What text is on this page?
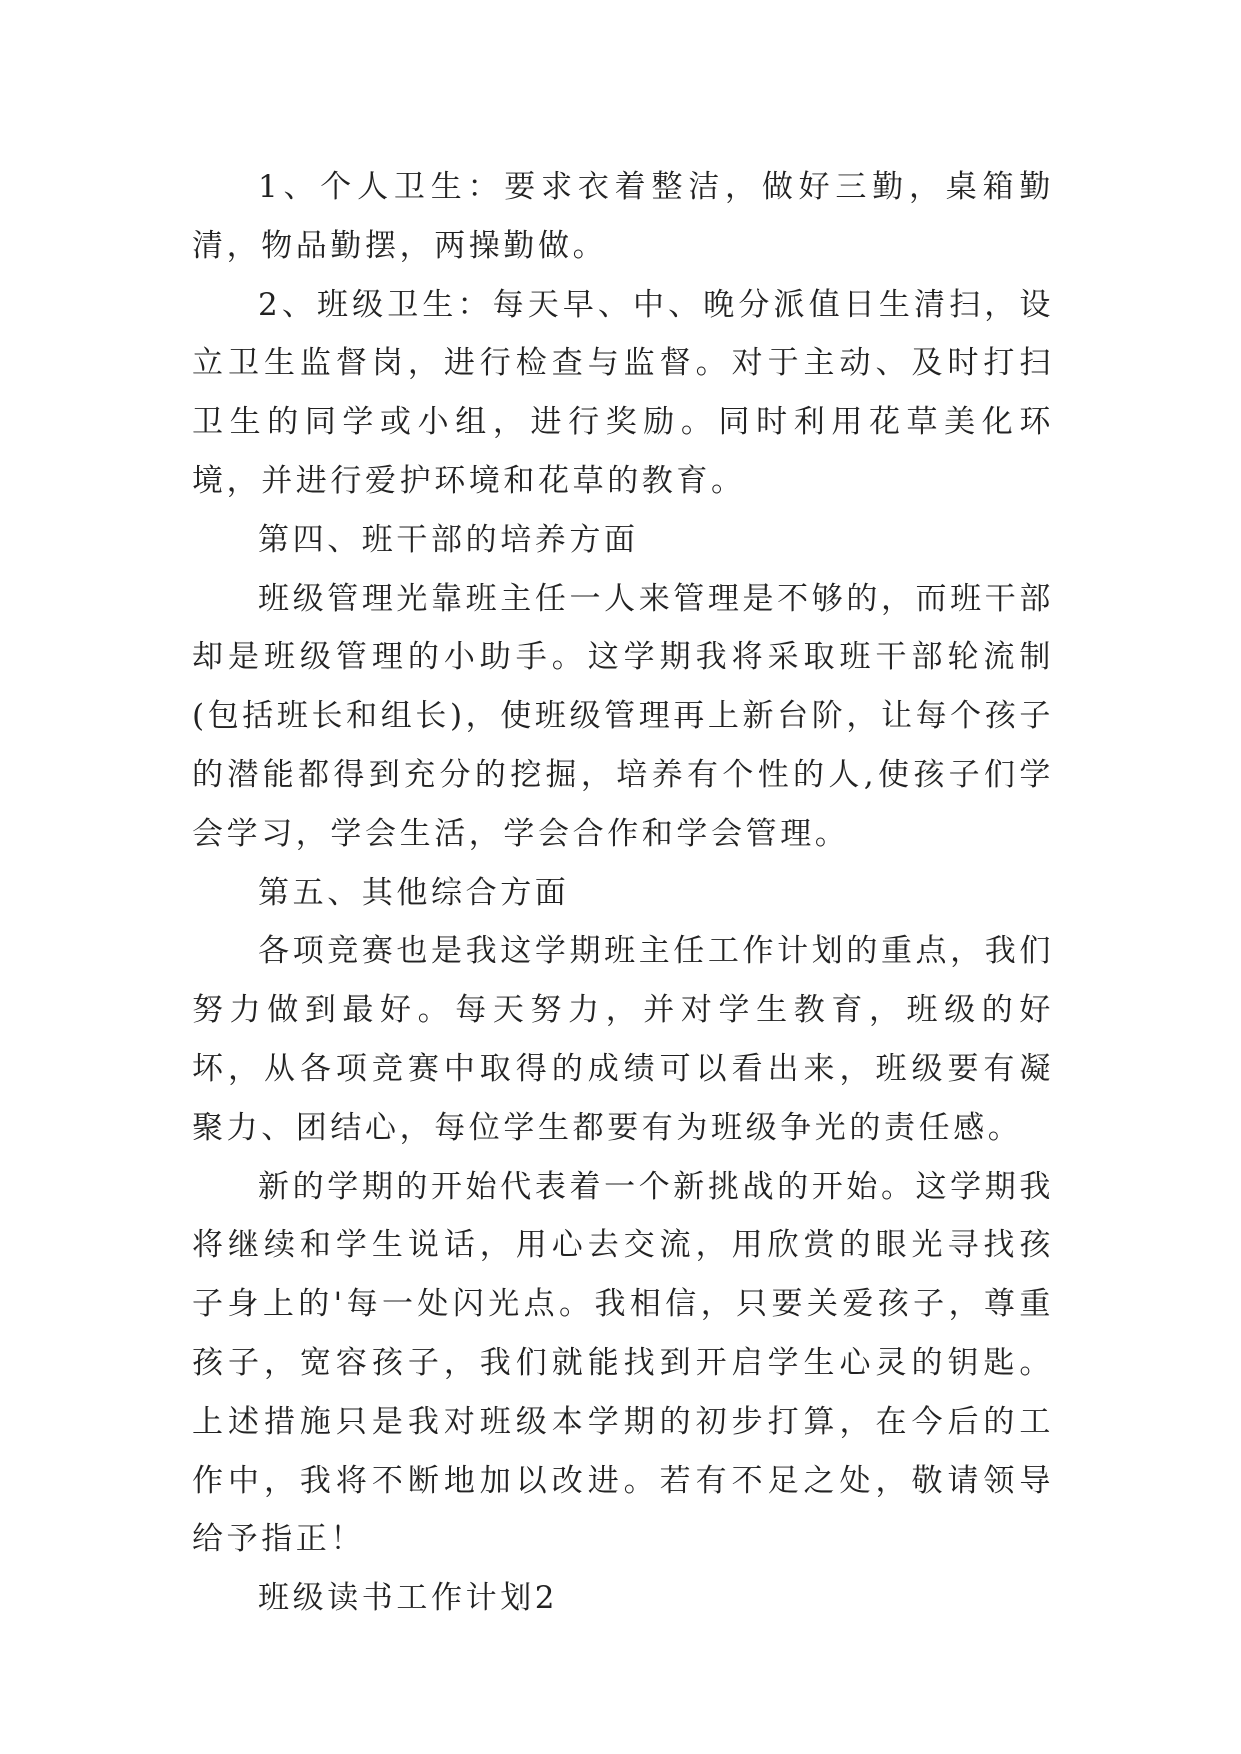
1、个人卫生：要求衣着整洁，做好三勤，桌箱勤清，物品勤摆，两操勤做。

2、班级卫生：每天早、中、晚分派值日生清扫，设立卫生监督岗，进行检查与监督。对于主动、及时打扫卫生的同学或小组，进行奖励。同时利用花草美化环境，并进行爱护环境和花草的教育。

第四、班干部的培养方面

班级管理光靠班主任一人来管理是不够的，而班干部却是班级管理的小助手。这学期我将采取班干部轮流制(包括班长和组长)，使班级管理再上新台阶，让每个孩子的潜能都得到充分的挖掘，培养有个性的人,使孩子们学会学习，学会生活，学会合作和学会管理。

第五、其他综合方面

各项竞赛也是我这学期班主任工作计划的重点，我们努力做到最好。每天努力，并对学生教育，班级的好坏，从各项竞赛中取得的成绩可以看出来，班级要有凝聚力、团结心，每位学生都要有为班级争光的责任感。

新的学期的开始代表着一个新挑战的开始。这学期我将继续和学生说话，用心去交流，用欣赏的眼光寻找孩子身上的'每一处闪光点。我相信，只要关爱孩子，尊重孩子，宽容孩子，我们就能找到开启学生心灵的钥匙。上述措施只是我对班级本学期的初步打算，在今后的工作中，我将不断地加以改进。若有不足之处，敬请领导给予指正！

班级读书工作计划2
